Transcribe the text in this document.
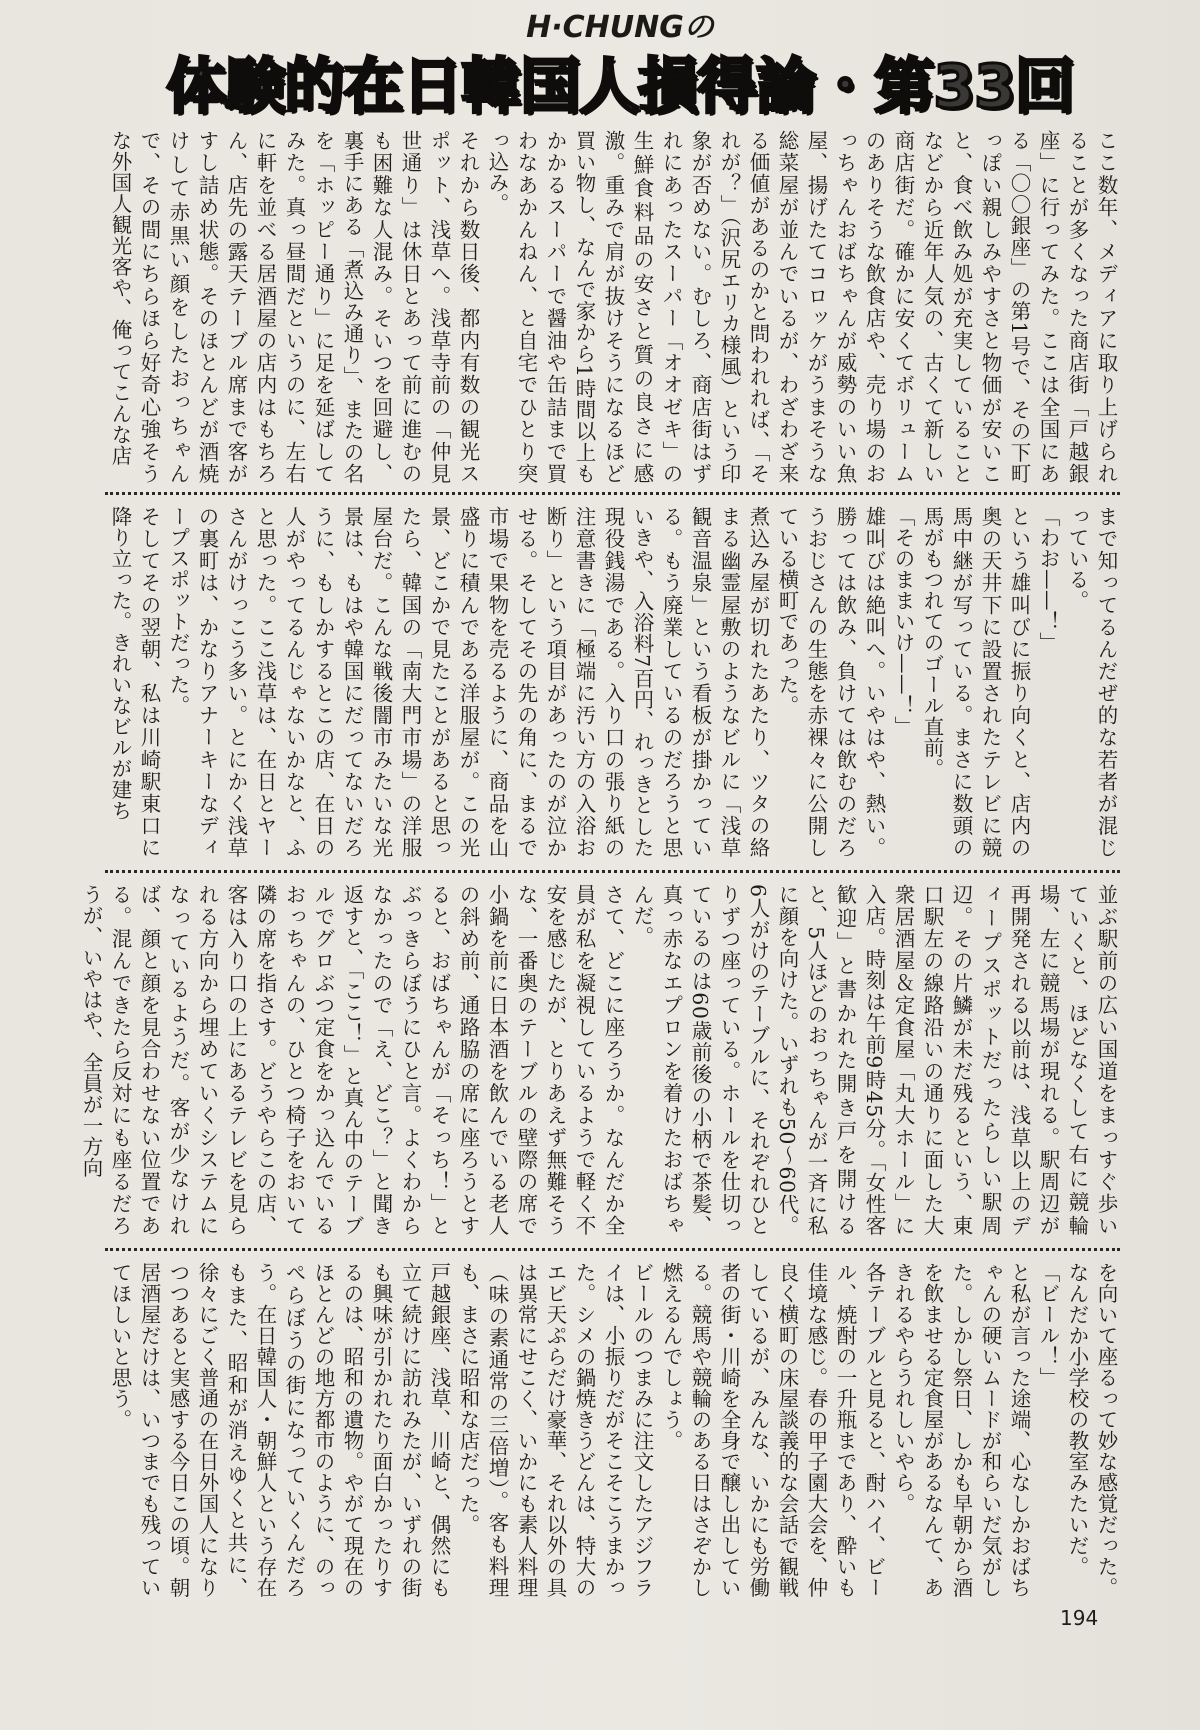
H·CHUNGの
体験的在日韓国人損得論・第33回

ここ数年、メディアに取り上げられることが多くなった商店街「戸越銀座」に行ってみた。ここは全国にある「〇〇銀座」の第1号で、その下町っぽい親しみやすさと物価が安いこと、食べ飲み処が充実していることなどから近年人気の、古くて新しい商店街だ。確かに安くてボリュームのありそうな飲食店や、売り場のおっちゃんおばちゃんが威勢のいい魚屋、揚げたてコロッケがうまそうな総菜屋が並んでいるが、わざわざ来る価値があるのかと問われれば、「それが？」（沢尻エリカ様風）という印象が否めない。むしろ、商店街はずれにあったスーパー「オオゼキ」の生鮮食料品の安さと質の良さに感激。重みで肩が抜けそうになるほど買い物し、なんで家から1時間以上もかかるスーパーで醤油や缶詰まで買わなあかんねん、と自宅でひとり突っ込み。

それから数日後、都内有数の観光スポット、浅草へ。浅草寺前の「仲見世通り」は休日とあって前に進むのも困難な人混み。そいつを回避し、裏手にある「煮込み通り」、またの名を「ホッピー通り」に足を延ばしてみた。真っ昼間だというのに、左右に軒を並べる居酒屋の店内はもちろん、店先の露天テーブル席まで客がすし詰め状態。そのほとんどが酒焼けして赤黒い顔をしたおっちゃんで、その間にちらほら好奇心強そうな外国人観光客や、俺ってこんな店

まで知ってるんだぜ的な若者が混じっている。

「わお——！」

という雄叫びに振り向くと、店内の奥の天井下に設置されたテレビに競馬中継が写っている。まさに数頭の馬がもつれてのゴール直前。

「そのままいけ——！」

雄叫びは絶叫へ。いやはや、熱い。勝っては飲み、負けては飲むのだろうおじさんの生態を赤裸々に公開している横町であった。

煮込み屋が切れたあたり、ツタの絡まる幽霊屋敷のようなビルに「浅草観音温泉」という看板が掛かっている。もう廃業しているのだろうと思いきや、入浴料7百円、れっきとした現役銭湯である。入り口の張り紙の注意書きに「極端に汚い方の入浴お断り」という項目があったのが泣かせる。そしてその先の角に、まるで市場で果物を売るように、商品を山盛りに積んである洋服屋が。この光景、どこかで見たことがあると思ったら、韓国の「南大門市場」の洋服屋台だ。こんな戦後闇市みたいな光景は、もはや韓国にだってないだろうに、もしかするとこの店、在日の人がやってるんじゃないかなと、ふと思った。ここ浅草は、在日とヤーさんがけっこう多い。とにかく浅草の裏町は、かなりアナーキーなディープスポットだった。

そしてその翌朝、私は川崎駅東口に降り立った。きれいなビルが建ち

並ぶ駅前の広い国道をまっすぐ歩いていくと、ほどなくして右に競輪場、左に競馬場が現れる。駅周辺が再開発される以前は、浅草以上のディープスポットだったらしい駅周辺。その片鱗が未だ残るという、東口駅左の線路沿いの通りに面した大衆居酒屋＆定食屋「丸大ホール」に入店。時刻は午前9時45分。「女性客歓迎」と書かれた開き戸を開けると、5人ほどのおっちゃんが一斉に私に顔を向けた。いずれも50〜60代。6人がけのテーブルに、それぞれひとりずつ座っている。ホールを仕切っているのは60歳前後の小柄で茶髪、真っ赤なエプロンを着けたおばちゃんだ。

さて、どこに座ろうか。なんだか全員が私を凝視しているようで軽く不安を感じたが、とりあえず無難そうな、一番奥のテーブルの壁際の席で小鍋を前に日本酒を飲んでいる老人の斜め前、通路脇の席に座ろうとすると、おばちゃんが「そっち！」とぶっきらぼうにひと言。よくわからなかったので「え、どこ？」と聞き返すと、「ここ！」と真ん中のテーブルでグロぶつ定食をかっ込んでいるおっちゃんの、ひとつ椅子をおいて隣の席を指さす。どうやらこの店、客は入り口の上にあるテレビを見られる方向から埋めていくシステムになっているようだ。客が少なければ、顔と顔を見合わせない位置である。混んできたら反対にも座るだろうが、いやはや、全員が一方向

を向いて座るって妙な感覚だった。なんだか小学校の教室みたいだ。

「ビール！」

と私が言った途端、心なしかおばちゃんの硬いムードが和らいだ気がした。しかし祭日、しかも早朝から酒を飲ませる定食屋があるなんて、あきれるやらうれしいやら。

各テーブルと見ると、酎ハイ、ビール、焼酎の一升瓶まであり、酔いも佳境な感じ。春の甲子園大会を、仲良く横町の床屋談義的な会話で観戦しているが、みんな、いかにも労働者の街・川崎を全身で醸し出している。競馬や競輪のある日はさぞかし燃えるんでしょう。

ビールのつまみに注文したアジフライは、小振りだがそこそこうまかった。シメの鍋焼きうどんは、特大のエビ天ぷらだけ豪華、それ以外の具は異常にせこく、いかにも素人料理（味の素通常の三倍増）。客も料理も、まさに昭和な店だった。

戸越銀座、浅草、川崎と、偶然にも立て続けに訪れみたが、いずれの街も興味が引かれたり面白かったりするのは、昭和の遺物。やがて現在のほとんどの地方都市のように、のっぺらぼうの街になっていくんだろう。在日韓国人・朝鮮人という存在もまた、昭和が消えゆくと共に、徐々にごく普通の在日外国人になりつつあると実感する今日この頃。朝居酒屋だけは、いつまでも残っていてほしいと思う。

194
